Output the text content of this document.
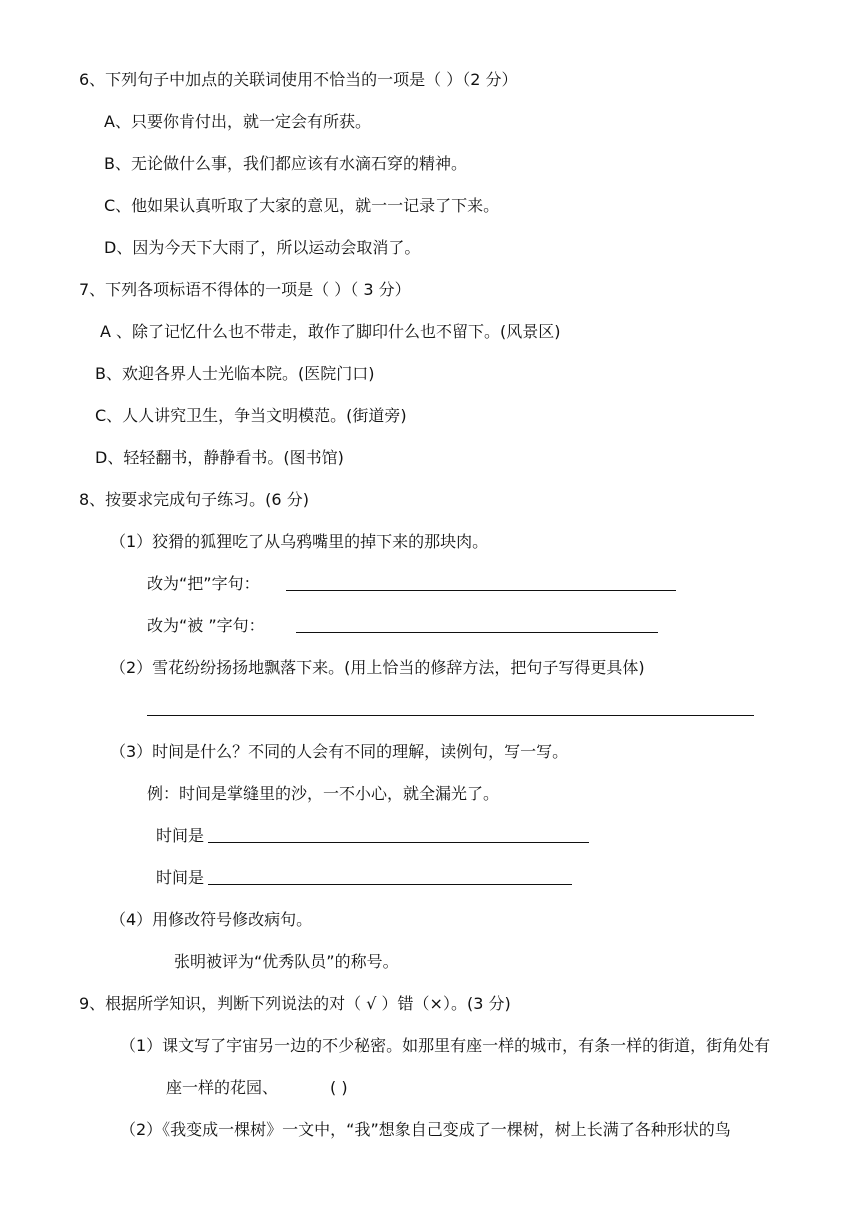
6、下列句子中加点的关联词使用不恰当的一项是（ ）（2 分）
A、只要你肯付出，就一定会有所获。
B、无论做什么事，我们都应该有水滴石穿的精神。
C、他如果认真听取了大家的意见，就一一记录了下来。
D、因为今天下大雨了，所以运动会取消了。
7、下列各项标语不得体的一项是（ ）（ 3 分）
A 、除了记忆什么也不带走，敢作了脚印什么也不留下。(风景区)
B、欢迎各界人士光临本院。(医院门口)
C、人人讲究卫生，争当文明模范。(街道旁)
D、轻轻翻书，静静看书。(图书馆)
8、按要求完成句子练习。(6 分)
（1）狡猾的狐狸吃了从乌鸦嘴里的掉下来的那块肉。
改为“把”字句：
改为“被 ”字句：
（2）雪花纷纷扬扬地飘落下来。(用上恰当的修辞方法，把句子写得更具体)
（3）时间是什么？不同的人会有不同的理解，读例句，写一写。
例：时间是掌缝里的沙，一不小心，就全漏光了。
时间是
时间是
（4）用修改符号修改病句。
张明被评为“优秀队员”的称号。
9、根据所学知识，判断下列说法的对（ √ ）错（×）。(3 分)
（1）课文写了宇宙另一边的不少秘密。如那里有座一样的城市，有条一样的街道，街角处有
座一样的花园、	( )
（2）《我变成一棵树》一文中，“我”想象自己变成了一棵树，树上长满了各种形状的鸟
